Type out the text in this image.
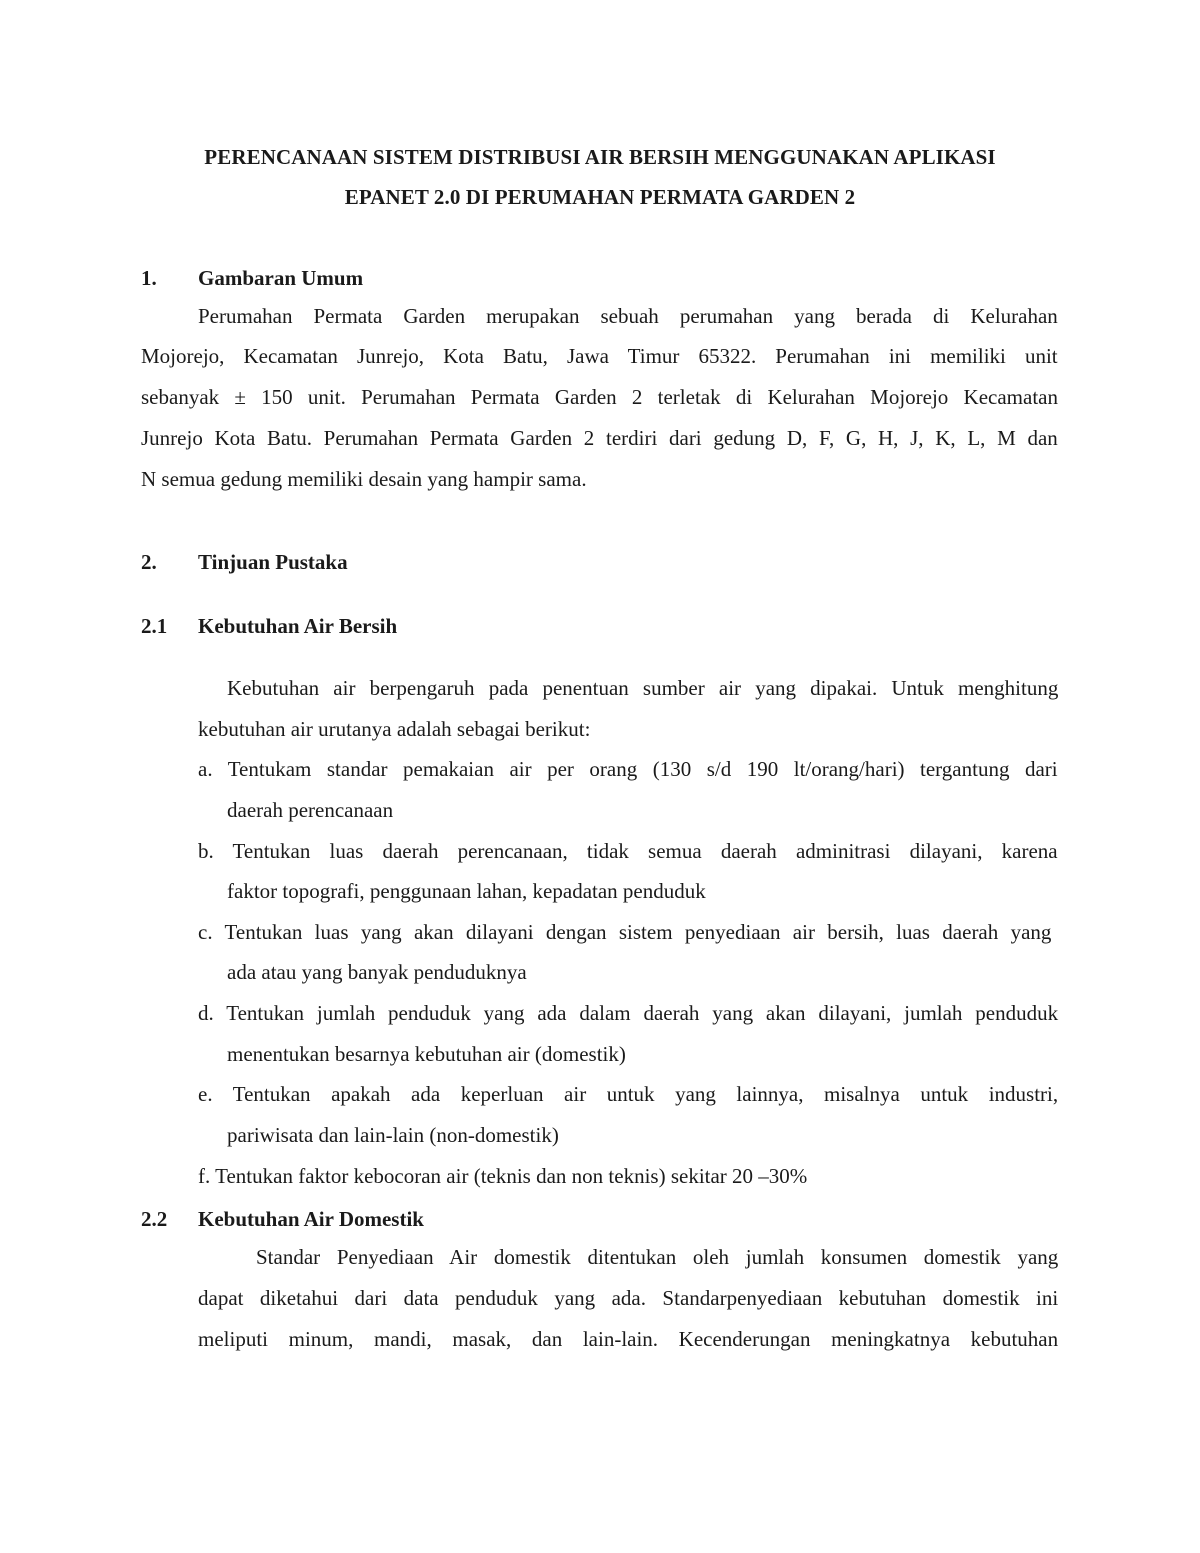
PERENCANAAN SISTEM DISTRIBUSI AIR BERSIH MENGGUNAKAN APLIKASI
EPANET 2.0 DI PERUMAHAN PERMATA GARDEN 2
1. Gambaran Umum
Perumahan Permata Garden merupakan sebuah perumahan yang berada di Kelurahan
Mojorejo, Kecamatan Junrejo, Kota Batu, Jawa Timur 65322. Perumahan ini memiliki unit
sebanyak ± 150 unit. Perumahan Permata Garden 2 terletak di Kelurahan Mojorejo Kecamatan
Junrejo Kota Batu. Perumahan Permata Garden 2 terdiri dari gedung D, F, G, H, J, K, L, M dan
N semua gedung memiliki desain yang hampir sama.
2. Tinjuan Pustaka
2.1 Kebutuhan Air Bersih
Kebutuhan air berpengaruh pada penentuan sumber air yang dipakai. Untuk menghitung
kebutuhan air urutanya adalah sebagai berikut:
a. Tentukam standar pemakaian air per orang (130 s/d 190 lt/orang/hari) tergantung dari
daerah perencanaan
b. Tentukan luas daerah perencanaan, tidak semua daerah adminitrasi dilayani, karena
faktor topografi, penggunaan lahan, kepadatan penduduk
c. Tentukan luas yang akan dilayani dengan sistem penyediaan air bersih, luas daerah yang
ada atau yang banyak penduduknya
d. Tentukan jumlah penduduk yang ada dalam daerah yang akan dilayani, jumlah penduduk
menentukan besarnya kebutuhan air (domestik)
e. Tentukan apakah ada keperluan air untuk yang lainnya, misalnya untuk industri,
pariwisata dan lain-lain (non-domestik)
f. Tentukan faktor kebocoran air (teknis dan non teknis) sekitar 20 –30%
2.2 Kebutuhan Air Domestik
Standar Penyediaan Air domestik ditentukan oleh jumlah konsumen domestik yang
dapat diketahui dari data penduduk yang ada. Standarpenyediaan kebutuhan domestik ini
meliputi minum, mandi, masak, dan lain-lain. Kecenderungan meningkatnya kebutuhan
